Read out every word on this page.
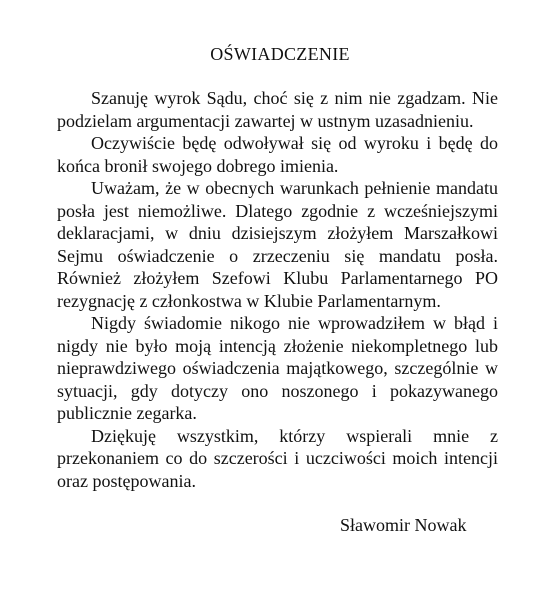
OŚWIADCZENIE

Szanuję wyrok Sądu, choć się z nim nie zgadzam. Nie podzielam argumentacji zawartej w ustnym uzasadnieniu.

Oczywiście będę odwoływał się od wyroku i będę do końca bronił swojego dobrego imienia.

Uważam, że w obecnych warunkach pełnienie mandatu posła jest niemożliwe. Dlatego zgodnie z wcześniejszymi deklaracjami, w dniu dzisiejszym złożyłem Marszałkowi Sejmu oświadczenie o zrzeczeniu się mandatu posła. Również złożyłem Szefowi Klubu Parlamentarnego PO rezygnację z członkostwa w Klubie Parlamentarnym.

Nigdy świadomie nikogo nie wprowadziłem w błąd i nigdy nie było moją intencją złożenie niekompletnego lub nieprawdziwego oświadczenia majątkowego, szczególnie w sytuacji, gdy dotyczy ono noszonego i pokazywanego publicznie zegarka.

Dziękuję wszystkim, którzy wspierali mnie z przekonaniem co do szczerości i uczciwości moich intencji oraz postępowania.

Sławomir Nowak
